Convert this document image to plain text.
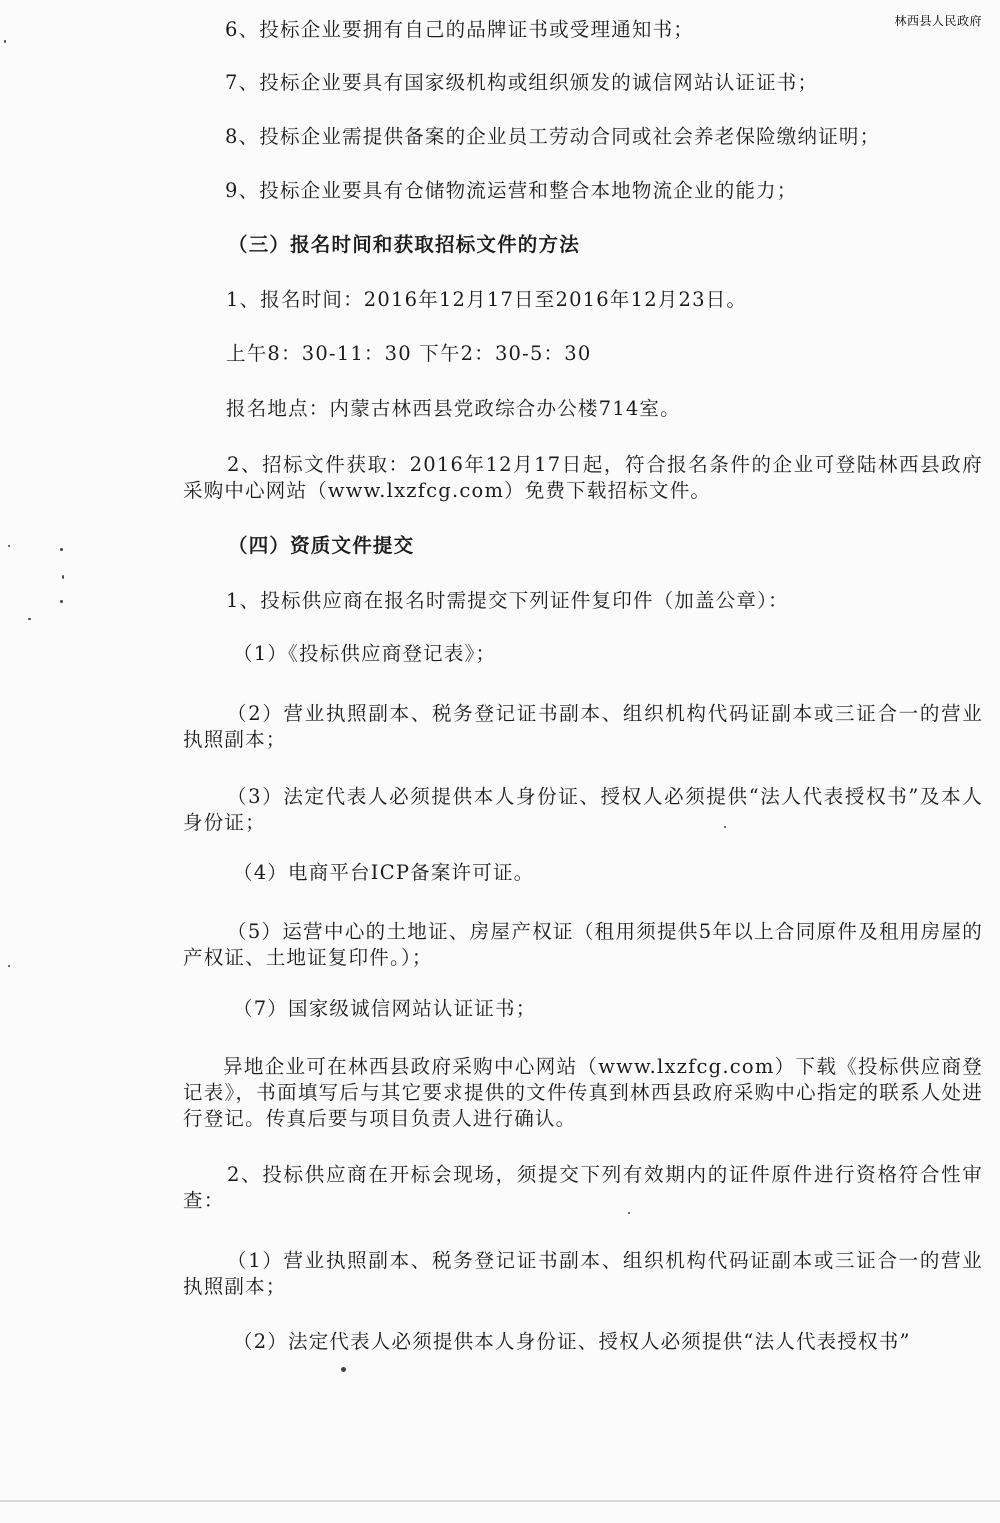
林西县人民政府
6、投标企业要拥有自己的品牌证书或受理通知书；
7、投标企业要具有国家级机构或组织颁发的诚信网站认证证书；
8、投标企业需提供备案的企业员工劳动合同或社会养老保险缴纳证明；
9、投标企业要具有仓储物流运营和整合本地物流企业的能力；
（三）报名时间和获取招标文件的方法
1、报名时间：2016年12月17日至2016年12月23日。
上午8：30-11：30 下午2：30-5：30
报名地点：内蒙古林西县党政综合办公楼714室。
2、招标文件获取：2016年12月17日起，符合报名条件的企业可登陆林西县政府采购中心网站（www.lxzfcg.com）免费下载招标文件。
（四）资质文件提交
1、投标供应商在报名时需提交下列证件复印件（加盖公章）：
（1）《投标供应商登记表》；
（2）营业执照副本、税务登记证书副本、组织机构代码证副本或三证合一的营业执照副本；
（3）法定代表人必须提供本人身份证、授权人必须提供“法人代表授权书”及本人身份证；
（4）电商平台ICP备案许可证。
（5）运营中心的土地证、房屋产权证（租用须提供5年以上合同原件及租用房屋的产权证、土地证复印件。）；
（7）国家级诚信网站认证证书；
异地企业可在林西县政府采购中心网站（www.lxzfcg.com）下载《投标供应商登记表》，书面填写后与其它要求提供的文件传真到林西县政府采购中心指定的联系人处进行登记。传真后要与项目负责人进行确认。
2、投标供应商在开标会现场，须提交下列有效期内的证件原件进行资格符合性审查：
（1）营业执照副本、税务登记证书副本、组织机构代码证副本或三证合一的营业执照副本；
（2）法定代表人必须提供本人身份证、授权人必须提供“法人代表授权书”
